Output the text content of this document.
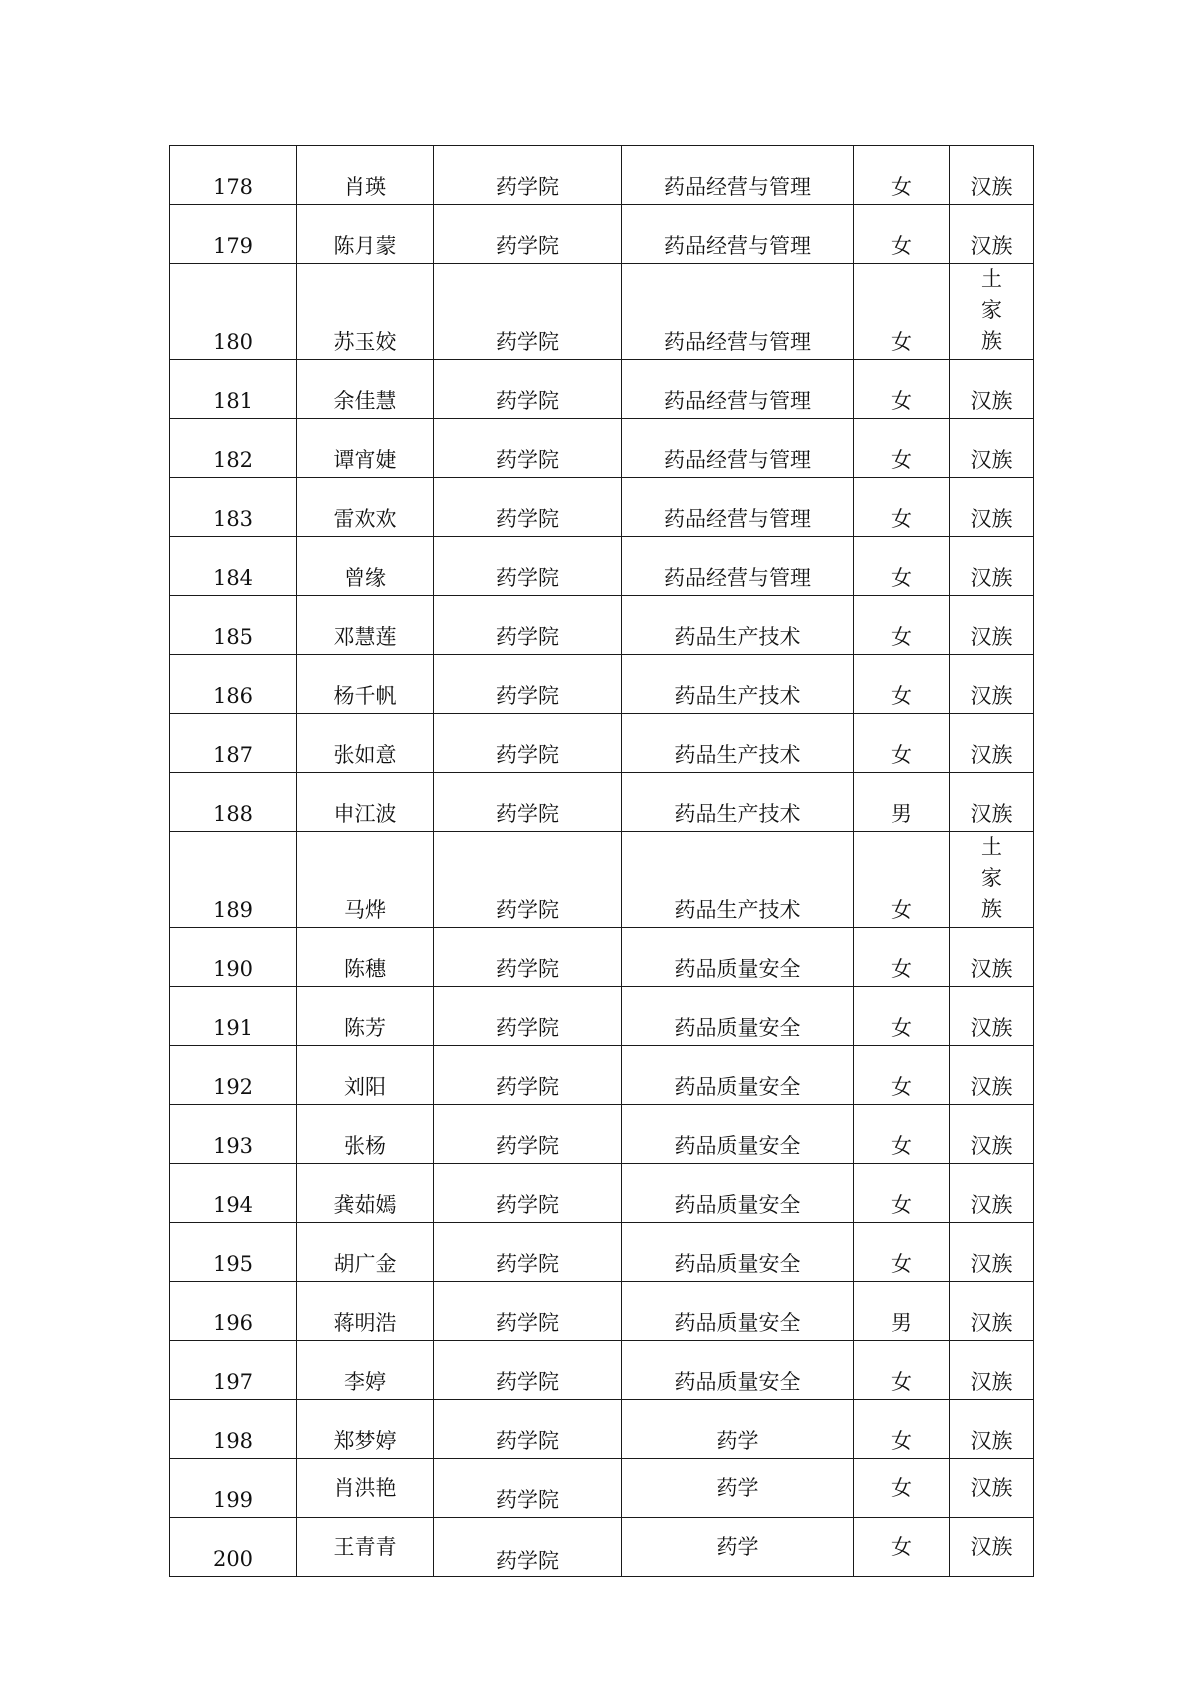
178	肖瑛	药学院	药品经营与管理	女	汉族

179	陈月蒙	药学院	药品经营与管理	女	汉族

180	苏玉姣	药学院	药品经营与管理	女	土家族

181	余佳慧	药学院	药品经营与管理	女	汉族

182	谭宵婕	药学院	药品经营与管理	女	汉族

183	雷欢欢	药学院	药品经营与管理	女	汉族

184	曾缘	药学院	药品经营与管理	女	汉族

185	邓慧莲	药学院	药品生产技术	女	汉族

186	杨千帆	药学院	药品生产技术	女	汉族

187	张如意	药学院	药品生产技术	女	汉族

188	申江波	药学院	药品生产技术	男	汉族

189	马烨	药学院	药品生产技术	女	土家族

190	陈穗	药学院	药品质量安全	女	汉族

191	陈芳	药学院	药品质量安全	女	汉族

192	刘阳	药学院	药品质量安全	女	汉族

193	张杨	药学院	药品质量安全	女	汉族

194	龚茹嫣	药学院	药品质量安全	女	汉族

195	胡广金	药学院	药品质量安全	女	汉族

196	蒋明浩	药学院	药品质量安全	男	汉族

197	李婷	药学院	药品质量安全	女	汉族

198	郑梦婷	药学院	药学	女	汉族

199	肖洪艳	药学院	药学	女	汉族

200	王青青	药学院	药学	女	汉族
